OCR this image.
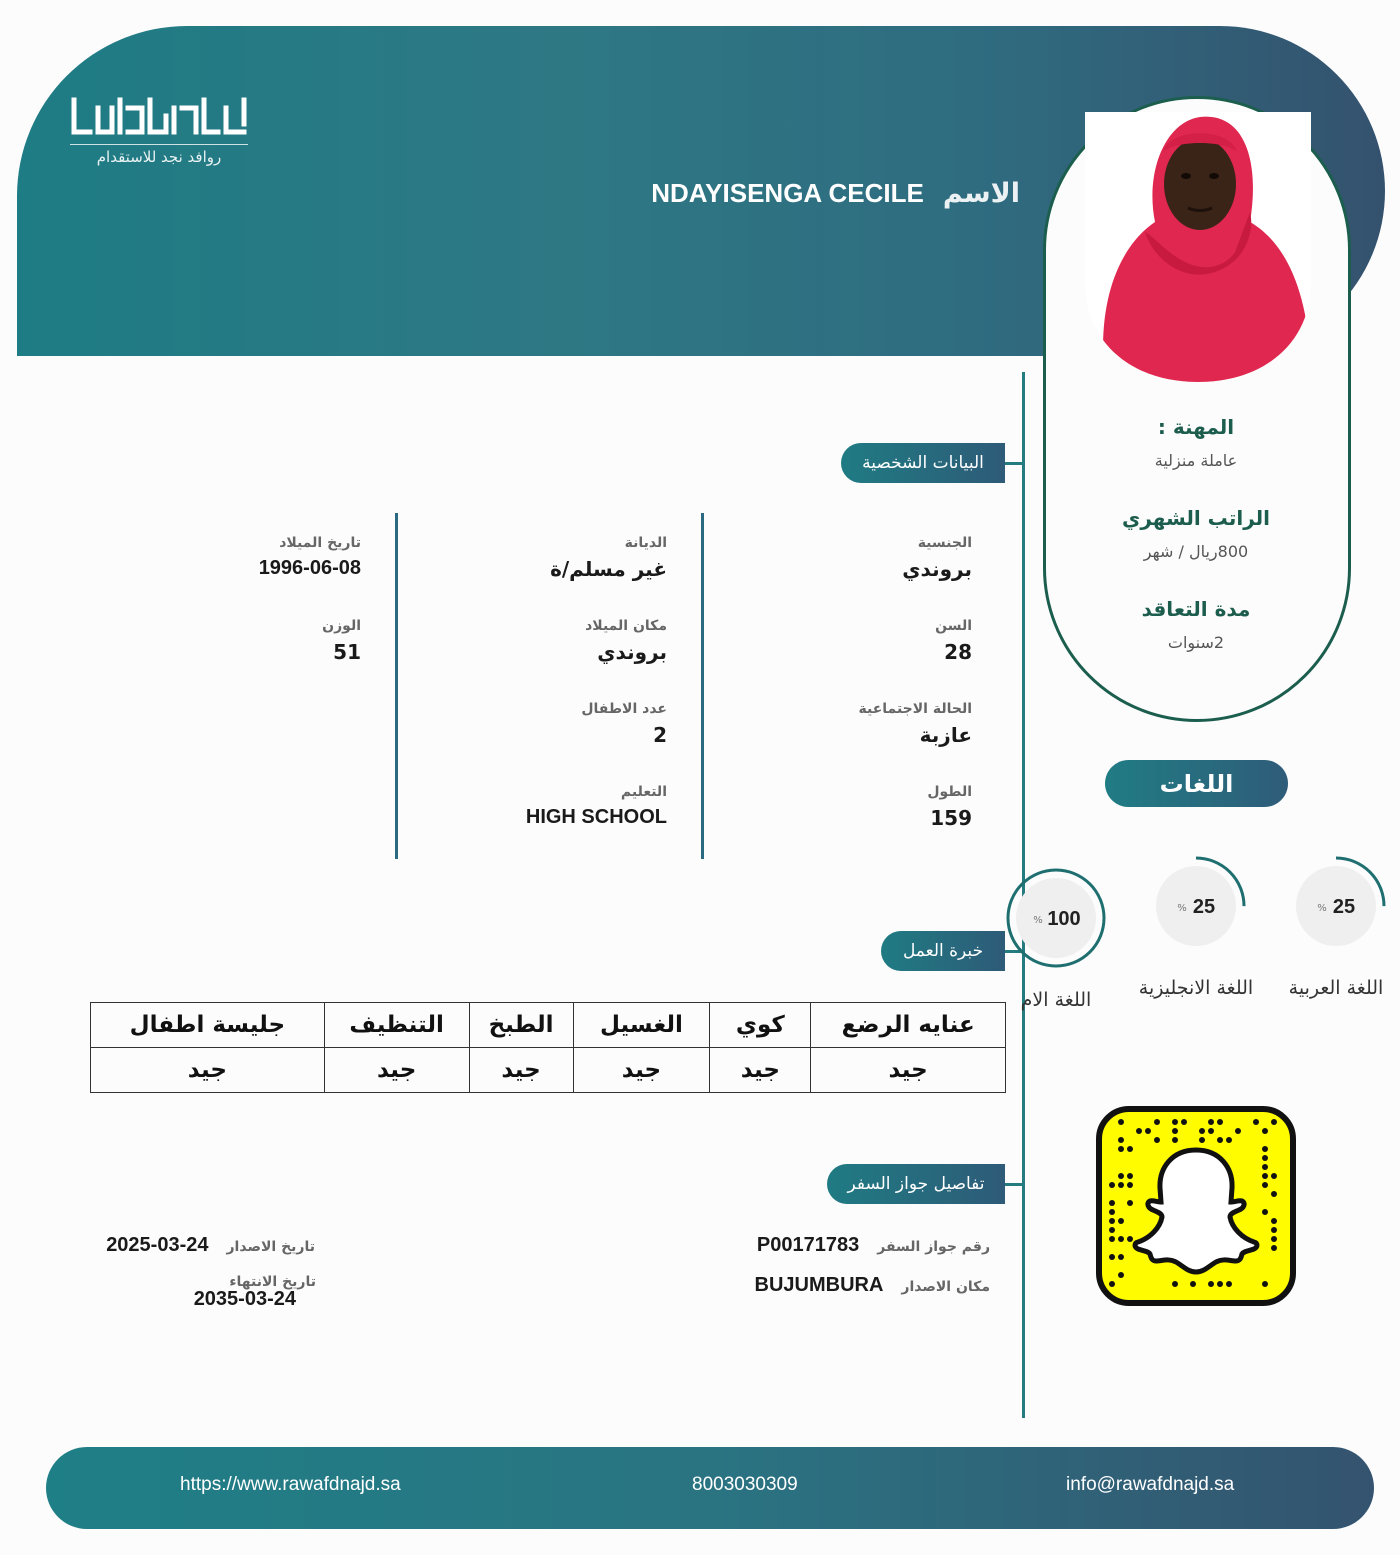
روافد نجد للاستقدام
الاسم NDAYISENGA CECILE
المهنة :
عاملة منزلية
الراتب الشهري
800ريال / شهر
مدة التعاقد
2سنوات
البيانات الشخصية
خبرة العمل
تفاصيل جواز السفر
الجنسية
بروندي
السن
28
الحالة الاجتماعية
عازبة
الطول
159
الديانة
غير مسلم/ة
مكان الميلاد
بروندي
عدد الاطفال
2
التعليم
HIGH SCHOOL
تاريخ الميلاد
1996-06-08
الوزن
51
اللغات
100
%
اللغة الام
25
%
اللغة الانجليزية
25
%
اللغة العربية
عنايه الرضع	كوي	الغسيل	الطبخ	التنظيف	جليسة اطفال
جيد	جيد	جيد	جيد	جيد	جيد
رقم جواز السفر
P00171783
مكان الاصدار
BUJUMBURA
تاريخ الاصدار
2025-03-24
تاريخ الانتهاء
2035-03-24
https://www.rawafdnajd.sa	8003030309	info@rawafdnajd.sa
